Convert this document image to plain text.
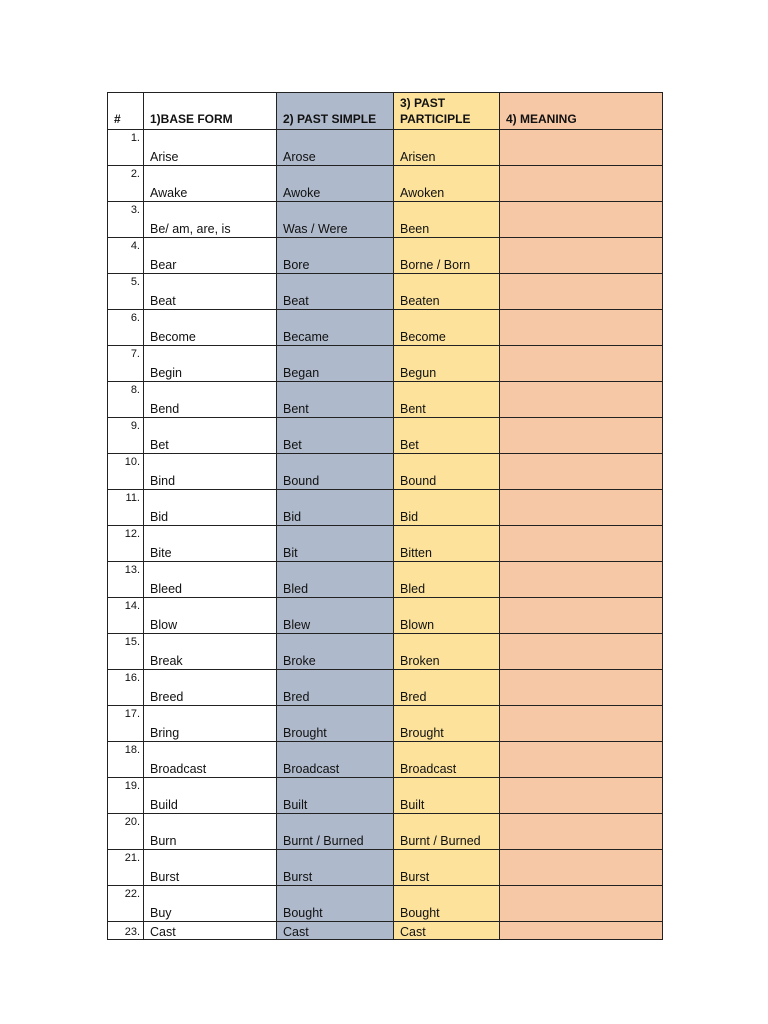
#	1)BASE FORM	2) PAST SIMPLE	3) PAST PARTICIPLE	4) MEANING

1.	Arise	Arose	Arisen	

2.	Awake	Awoke	Awoken	

3.	Be/ am, are, is	Was / Were	Been	

4.	Bear	Bore	Borne / Born	

5.	Beat	Beat	Beaten	

6.	Become	Became	Become	

7.	Begin	Began	Begun	

8.	Bend	Bent	Bent	

9.	Bet	Bet	Bet	

10.	Bind	Bound	Bound	

11.	Bid	Bid	Bid	

12.	Bite	Bit	Bitten	

13.	Bleed	Bled	Bled	

14.	Blow	Blew	Blown	

15.	Break	Broke	Broken	

16.	Breed	Bred	Bred	

17.	Bring	Brought	Brought	

18.	Broadcast	Broadcast	Broadcast	

19.	Build	Built	Built	

20.	Burn	Burnt / Burned	Burnt / Burned	

21.	Burst	Burst	Burst	

22.	Buy	Bought	Bought	

23.	Cast	Cast	Cast	
